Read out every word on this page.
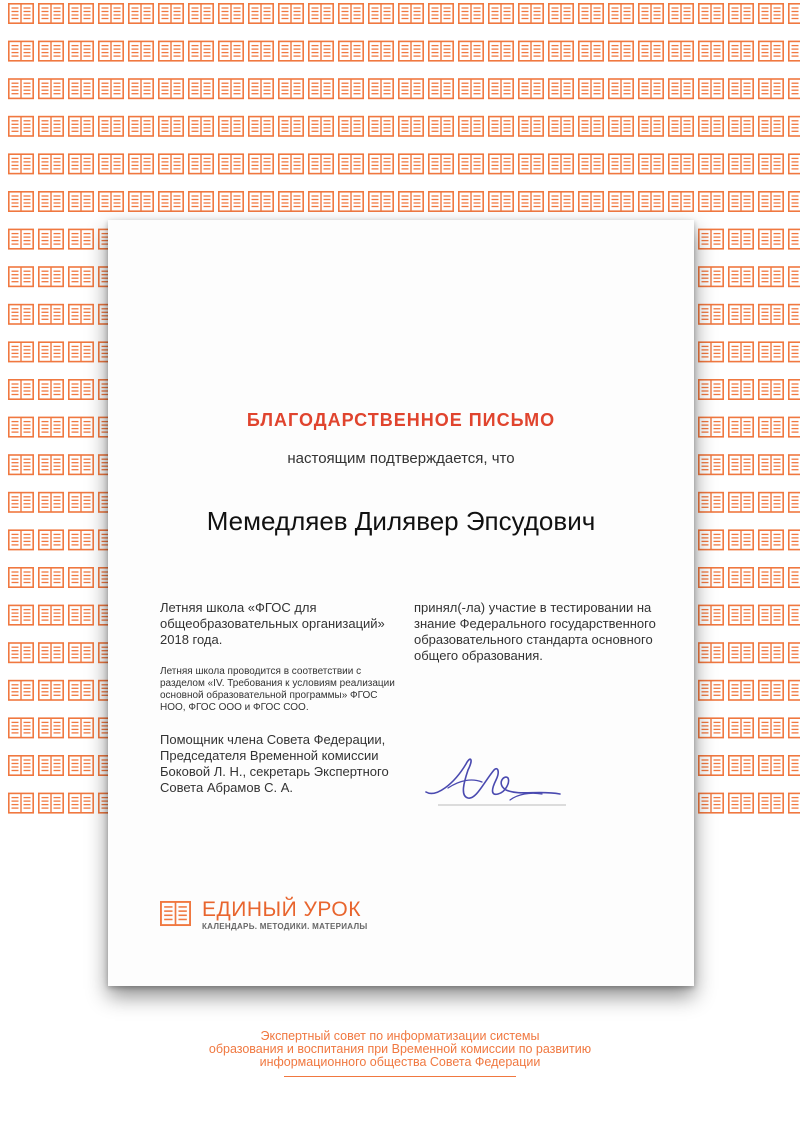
БЛАГОДАРСТВЕННОЕ ПИСЬМО
настоящим подтверждается, что
Мемедляев Дилявер Эпсудович

Летняя школа «ФГОС для общеобразовательных организаций» 2018 года.

Летняя школа проводится в соответствии с разделом «IV. Требования к условиям реализации основной образовательной программы» ФГОС НОО, ФГОС ООО и ФГОС СОО.

Помощник члена Совета Федерации, Председателя Временной комиссии Боковой Л. Н., секретарь Экспертного Совета Абрамов С. А.

принял(-ла) участие в тестировании на знание Федерального государственного образовательного стандарта основного общего образования.

ЕДИНЫЙ УРОК
КАЛЕНДАРЬ. МЕТОДИКИ. МАТЕРИАЛЫ
Экспертный совет по информатизации системы
образования и воспитания при Временной комиссии по развитию
информационного общества Совета Федерации
